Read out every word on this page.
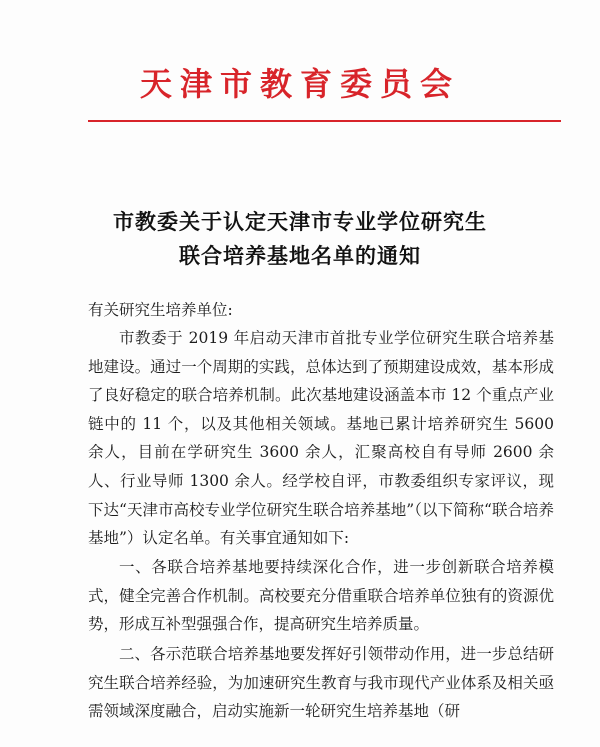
天津市教育委员会
市教委关于认定天津市专业学位研究生
联合培养基地名单的通知
有关研究生培养单位:
市教委于 2019 年启动天津市首批专业学位研究生联合培养基地建设。通过一个周期的实践，总体达到了预期建设成效，基本形成了良好稳定的联合培养机制。此次基地建设涵盖本市 12 个重点产业链中的 11 个，以及其他相关领域。基地已累计培养研究生 5600 余人，目前在学研究生 3600 余人，汇聚高校自有导师 2600 余人、行业导师 1300 余人。经学校自评，市教委组织专家评议，现下达“天津市高校专业学位研究生联合培养基地”（以下简称“联合培养基地”）认定名单。有关事宜通知如下:
一、各联合培养基地要持续深化合作，进一步创新联合培养模式，健全完善合作机制。高校要充分借重联合培养单位独有的资源优势，形成互补型强强合作，提高研究生培养质量。
二、各示范联合培养基地要发挥好引领带动作用，进一步总结研究生联合培养经验，为加速研究生教育与我市现代产业体系及相关亟需领域深度融合，启动实施新一轮研究生培养基地（研
